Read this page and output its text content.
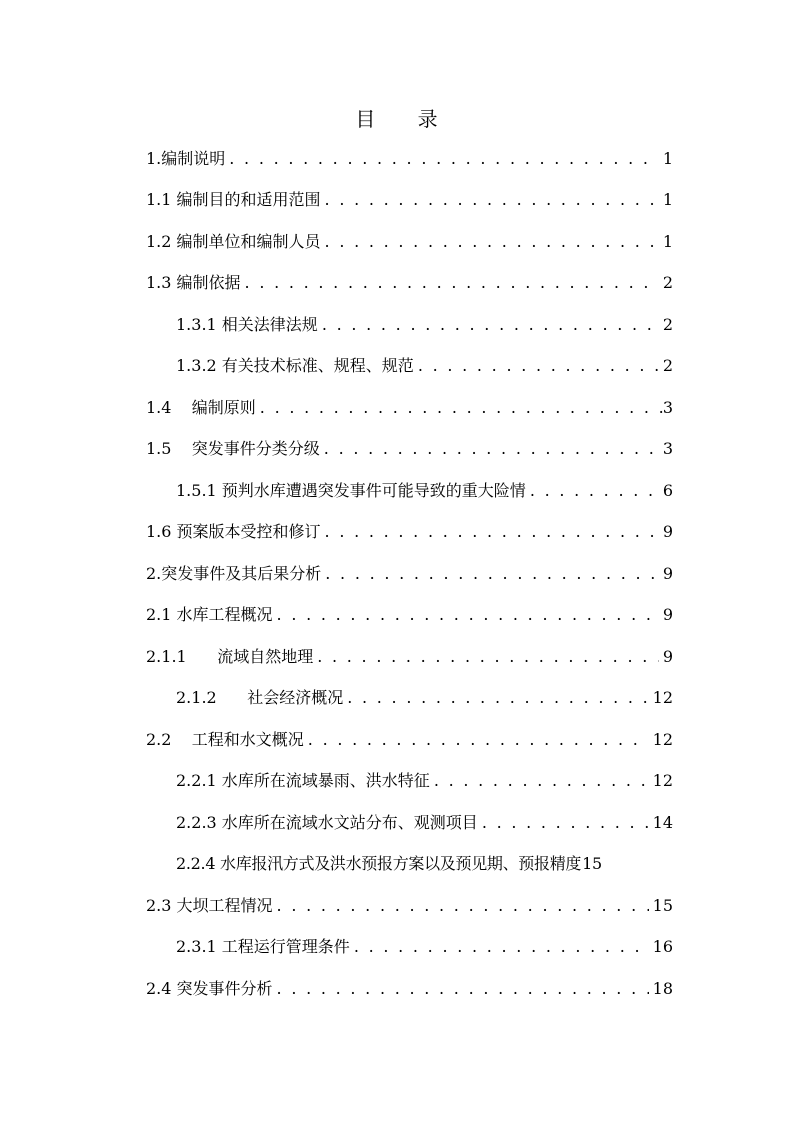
目 录
1.编制说明 . . .	1
1.1 编制目的和适用范围 . . .	1
1.2 编制单位和编制人员 . . .	1
1.3 编制依据 . . .	2
1.3.1 相关法律法规 . . .	2
1.3.2 有关技术标准、规程、规范 . . .	2
1.4    编制原则 . . .	3
1.5    突发事件分类分级 . . .	3
1.5.1 预判水库遭遇突发事件可能导致的重大险情 . . .	6
1.6 预案版本受控和修订 . . .	9
2.突发事件及其后果分析 . . .	9
2.1 水库工程概况 . . .	9
2.1.1      流域自然地理 . . .	9
2.1.2      社会经济概况 . . .	12
2.2    工程和水文概况 . . .	12
2.2.1 水库所在流域暴雨、洪水特征 . . .	12
2.2.3 水库所在流域水文站分布、观测项目 . . .	14
2.2.4 水库报汛方式及洪水预报方案以及预见期、预报精度 15
2.3 大坝工程情况 . . .	15
2.3.1 工程运行管理条件 . . .	16
2.4 突发事件分析 . . .	18
